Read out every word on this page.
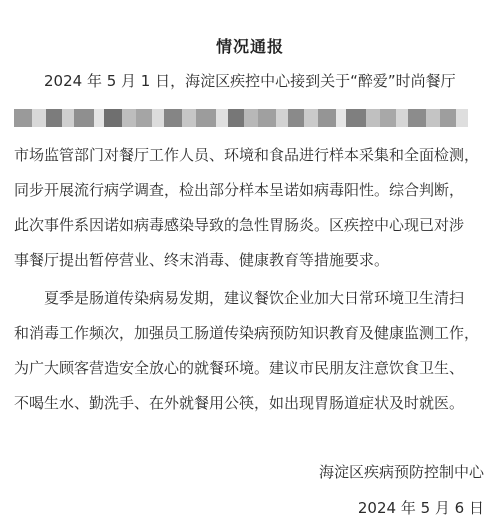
情况通报
2024 年 5 月 1 日，海淀区疾控中心接到关于“醉爱”时尚餐厅
市场监管部门对餐厅工作人员、环境和食品进行样本采集和全面检测，
同步开展流行病学调查，检出部分样本呈诺如病毒阳性。综合判断，
此次事件系因诺如病毒感染导致的急性胃肠炎。区疾控中心现已对涉
事餐厅提出暂停营业、终末消毒、健康教育等措施要求。
夏季是肠道传染病易发期，建议餐饮企业加大日常环境卫生清扫
和消毒工作频次，加强员工肠道传染病预防知识教育及健康监测工作，
为广大顾客营造安全放心的就餐环境。建议市民朋友注意饮食卫生、
不喝生水、勤洗手、在外就餐用公筷，如出现胃肠道症状及时就医。
海淀区疾病预防控制中心
2024 年 5 月 6 日
